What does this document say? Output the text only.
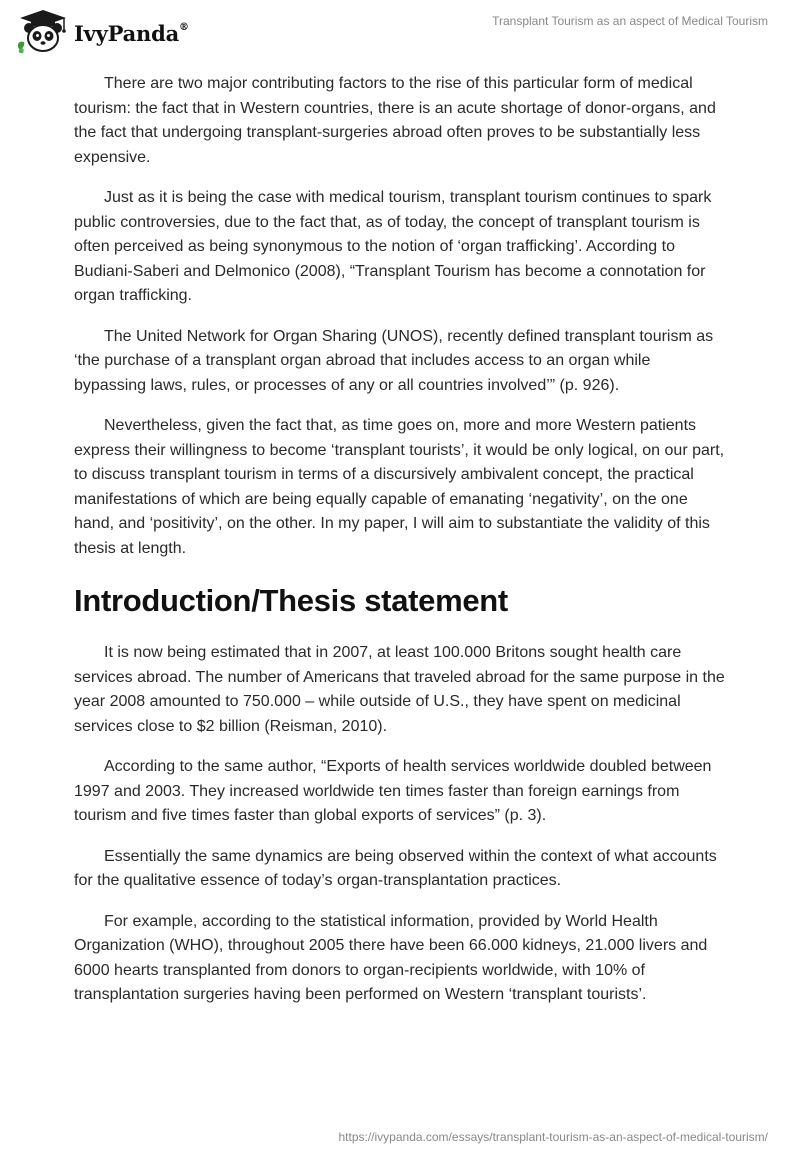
IvyPanda®	Transplant Tourism as an aspect of Medical Tourism

There are two major contributing factors to the rise of this particular form of medical tourism: the fact that in Western countries, there is an acute shortage of donor-organs, and the fact that undergoing transplant-surgeries abroad often proves to be substantially less expensive.

Just as it is being the case with medical tourism, transplant tourism continues to spark public controversies, due to the fact that, as of today, the concept of transplant tourism is often perceived as being synonymous to the notion of ‘organ trafficking’. According to Budiani-Saberi and Delmonico (2008), “Transplant Tourism has become a connotation for organ trafficking.

The United Network for Organ Sharing (UNOS), recently defined transplant tourism as ‘the purchase of a transplant organ abroad that includes access to an organ while bypassing laws, rules, or processes of any or all countries involved’” (p. 926).

Nevertheless, given the fact that, as time goes on, more and more Western patients express their willingness to become ‘transplant tourists’, it would be only logical, on our part, to discuss transplant tourism in terms of a discursively ambivalent concept, the practical manifestations of which are being equally capable of emanating ‘negativity’, on the one hand, and ‘positivity’, on the other. In my paper, I will aim to substantiate the validity of this thesis at length.

Introduction/Thesis statement

It is now being estimated that in 2007, at least 100.000 Britons sought health care services abroad. The number of Americans that traveled abroad for the same purpose in the year 2008 amounted to 750.000 – while outside of U.S., they have spent on medicinal services close to $2 billion (Reisman, 2010).

According to the same author, “Exports of health services worldwide doubled between 1997 and 2003. They increased worldwide ten times faster than foreign earnings from tourism and five times faster than global exports of services” (p. 3).

Essentially the same dynamics are being observed within the context of what accounts for the qualitative essence of today’s organ-transplantation practices.

For example, according to the statistical information, provided by World Health Organization (WHO), throughout 2005 there have been 66.000 kidneys, 21.000 livers and 6000 hearts transplanted from donors to organ-recipients worldwide, with 10% of transplantation surgeries having been performed on Western ‘transplant tourists’.

https://ivypanda.com/essays/transplant-tourism-as-an-aspect-of-medical-tourism/
